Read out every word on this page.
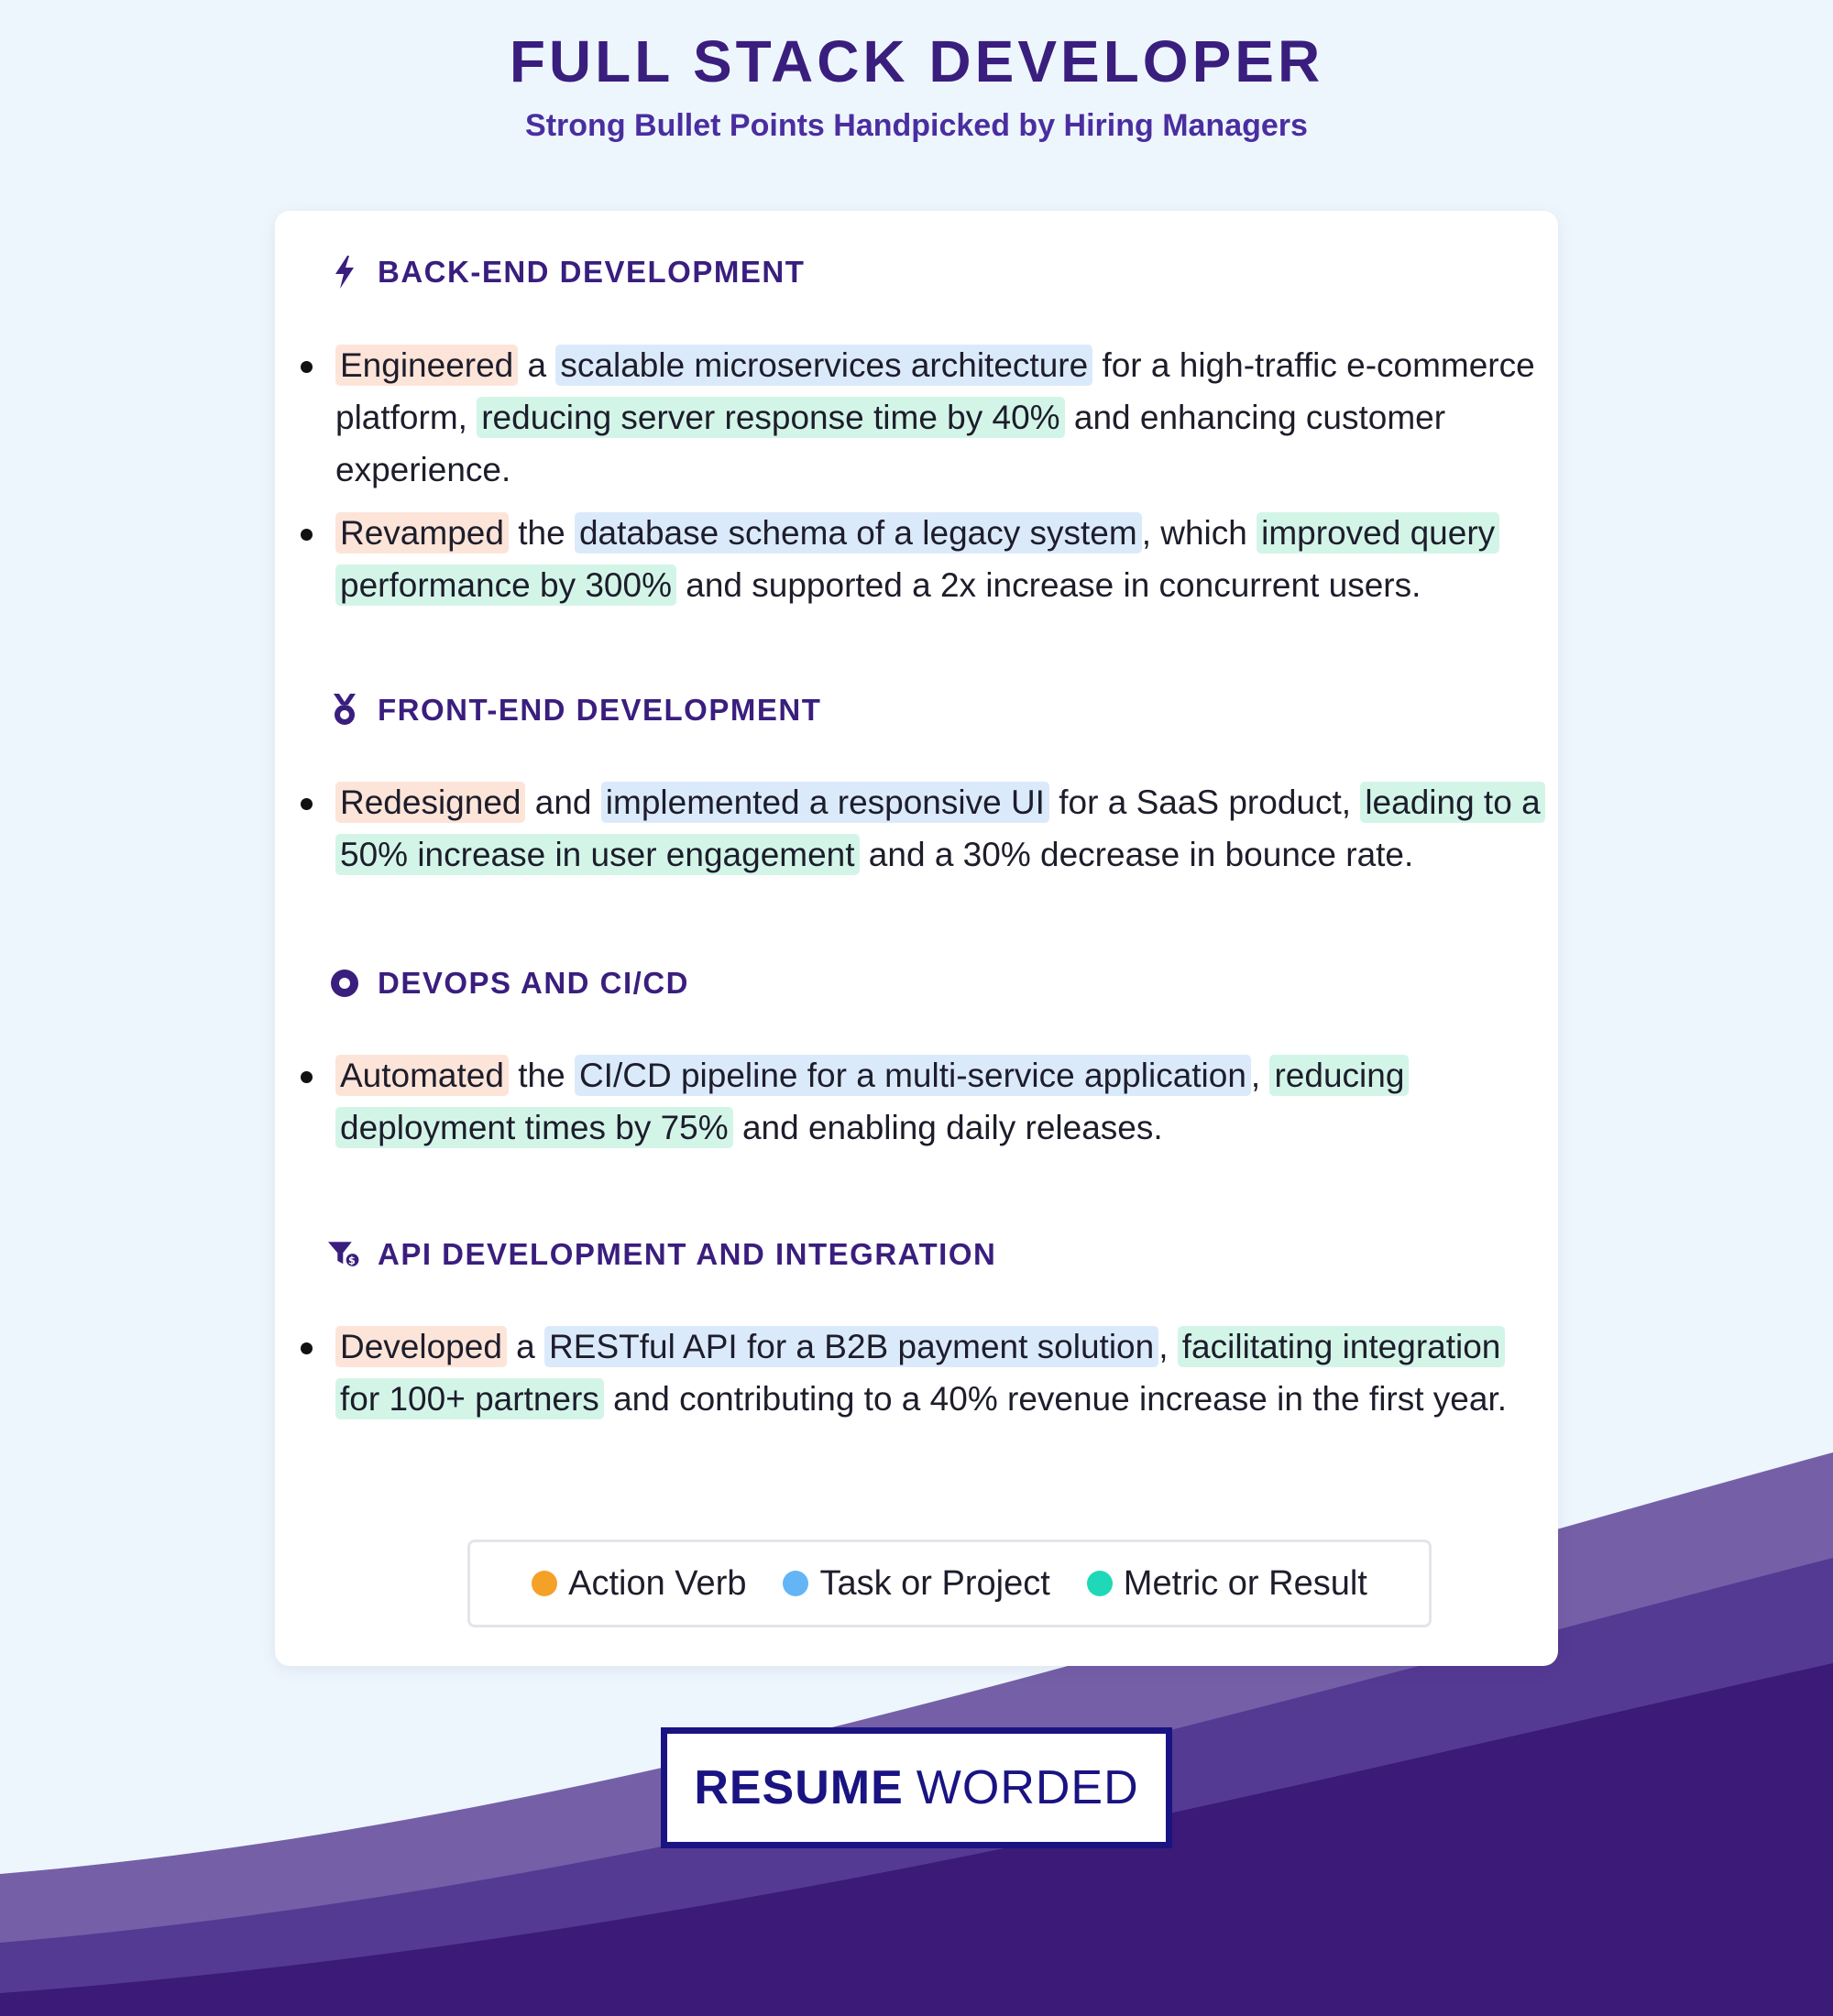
FULL STACK DEVELOPER
Strong Bullet Points Handpicked by Hiring Managers
BACK-END DEVELOPMENT
Engineered a scalable microservices architecture for a high-traffic e-commerce platform, reducing server response time by 40% and enhancing customer experience.
Revamped the database schema of a legacy system , which improved query performance by 300% and supported a 2x increase in concurrent users.
FRONT-END DEVELOPMENT
Redesigned and implemented a responsive UI for a SaaS product, leading to a 50% increase in user engagement and a 30% decrease in bounce rate.
DEVOPS AND CI/CD
Automated the CI/CD pipeline for a multi-service application , reducing deployment times by 75% and enabling daily releases.
$ API DEVELOPMENT AND INTEGRATION
Developed a RESTful API for a B2B payment solution , facilitating integration for 100+ partners and contributing to a 40% revenue increase in the first year.
Action Verb Task or Project Metric or Result
RESUME WORDED
